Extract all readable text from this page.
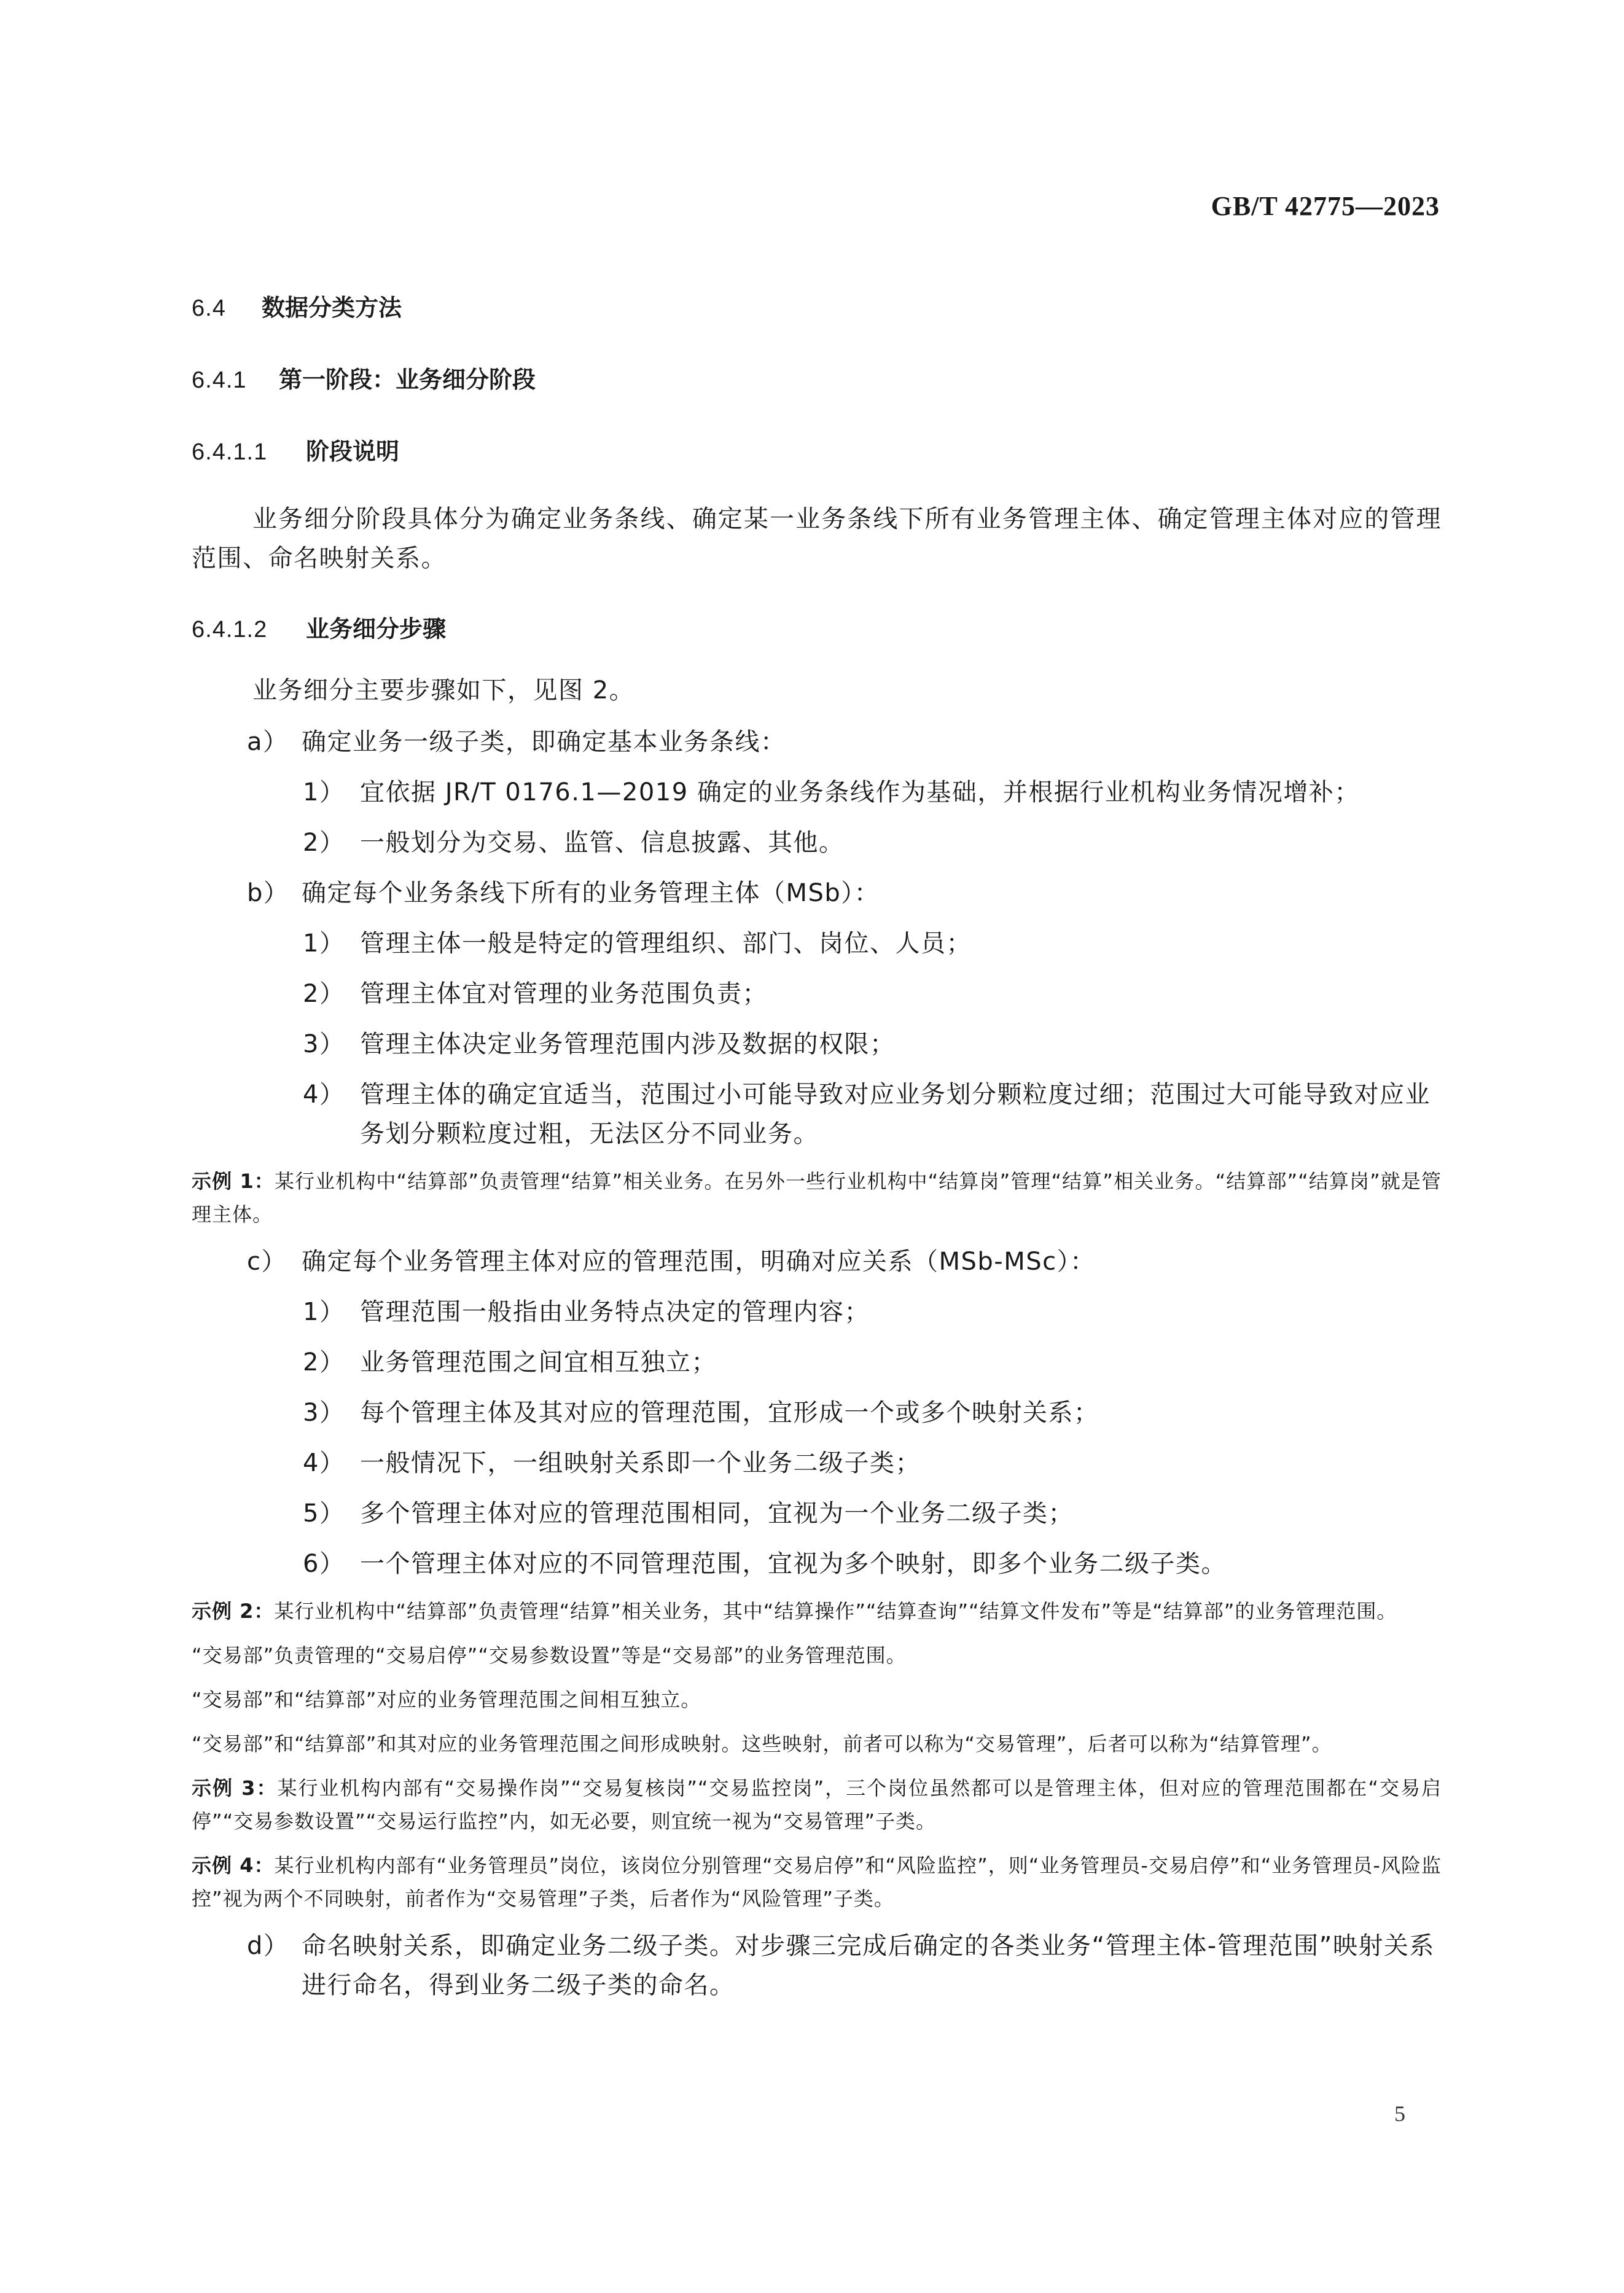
GB/T 42775—2023
6.4	数据分类方法
6.4.1	第一阶段：业务细分阶段
6.4.1.1	阶段说明
业务细分阶段具体分为确定业务条线、确定某一业务条线下所有业务管理主体、确定管理主体对应的管理范围、命名映射关系。
6.4.1.2	业务细分步骤
业务细分主要步骤如下，见图 2。
a） 确定业务一级子类，即确定基本业务条线：
1） 宜依据 JR/T 0176.1—2019 确定的业务条线作为基础，并根据行业机构业务情况增补；
2） 一般划分为交易、监管、信息披露、其他。
b） 确定每个业务条线下所有的业务管理主体（MSb）：
1） 管理主体一般是特定的管理组织、部门、岗位、人员；
2） 管理主体宜对管理的业务范围负责；
3） 管理主体决定业务管理范围内涉及数据的权限；
4） 管理主体的确定宜适当，范围过小可能导致对应业务划分颗粒度过细；范围过大可能导致对应业务划分颗粒度过粗，无法区分不同业务。
示例 1：某行业机构中“结算部”负责管理“结算”相关业务。在另外一些行业机构中“结算岗”管理“结算”相关业务。“结算部”“结算岗”就是管理主体。
c） 确定每个业务管理主体对应的管理范围，明确对应关系（MSb-MSc）：
1） 管理范围一般指由业务特点决定的管理内容；
2） 业务管理范围之间宜相互独立；
3） 每个管理主体及其对应的管理范围，宜形成一个或多个映射关系；
4） 一般情况下，一组映射关系即一个业务二级子类；
5） 多个管理主体对应的管理范围相同，宜视为一个业务二级子类；
6） 一个管理主体对应的不同管理范围，宜视为多个映射，即多个业务二级子类。
示例 2：某行业机构中“结算部”负责管理“结算”相关业务，其中“结算操作”“结算查询”“结算文件发布”等是“结算部”的业务管理范围。
“交易部”负责管理的“交易启停”“交易参数设置”等是“交易部”的业务管理范围。
“交易部”和“结算部”对应的业务管理范围之间相互独立。
“交易部”和“结算部”和其对应的业务管理范围之间形成映射。这些映射，前者可以称为“交易管理”，后者可以称为“结算管理”。
示例 3：某行业机构内部有“交易操作岗”“交易复核岗”“交易监控岗”，三个岗位虽然都可以是管理主体，但对应的管理范围都在“交易启停”“交易参数设置”“交易运行监控”内，如无必要，则宜统一视为“交易管理”子类。
示例 4：某行业机构内部有“业务管理员”岗位，该岗位分别管理“交易启停”和“风险监控”，则“业务管理员-交易启停”和“业务管理员-风险监控”视为两个不同映射，前者作为“交易管理”子类，后者作为“风险管理”子类。
d） 命名映射关系，即确定业务二级子类。对步骤三完成后确定的各类业务“管理主体-管理范围”映射关系进行命名，得到业务二级子类的命名。
5
